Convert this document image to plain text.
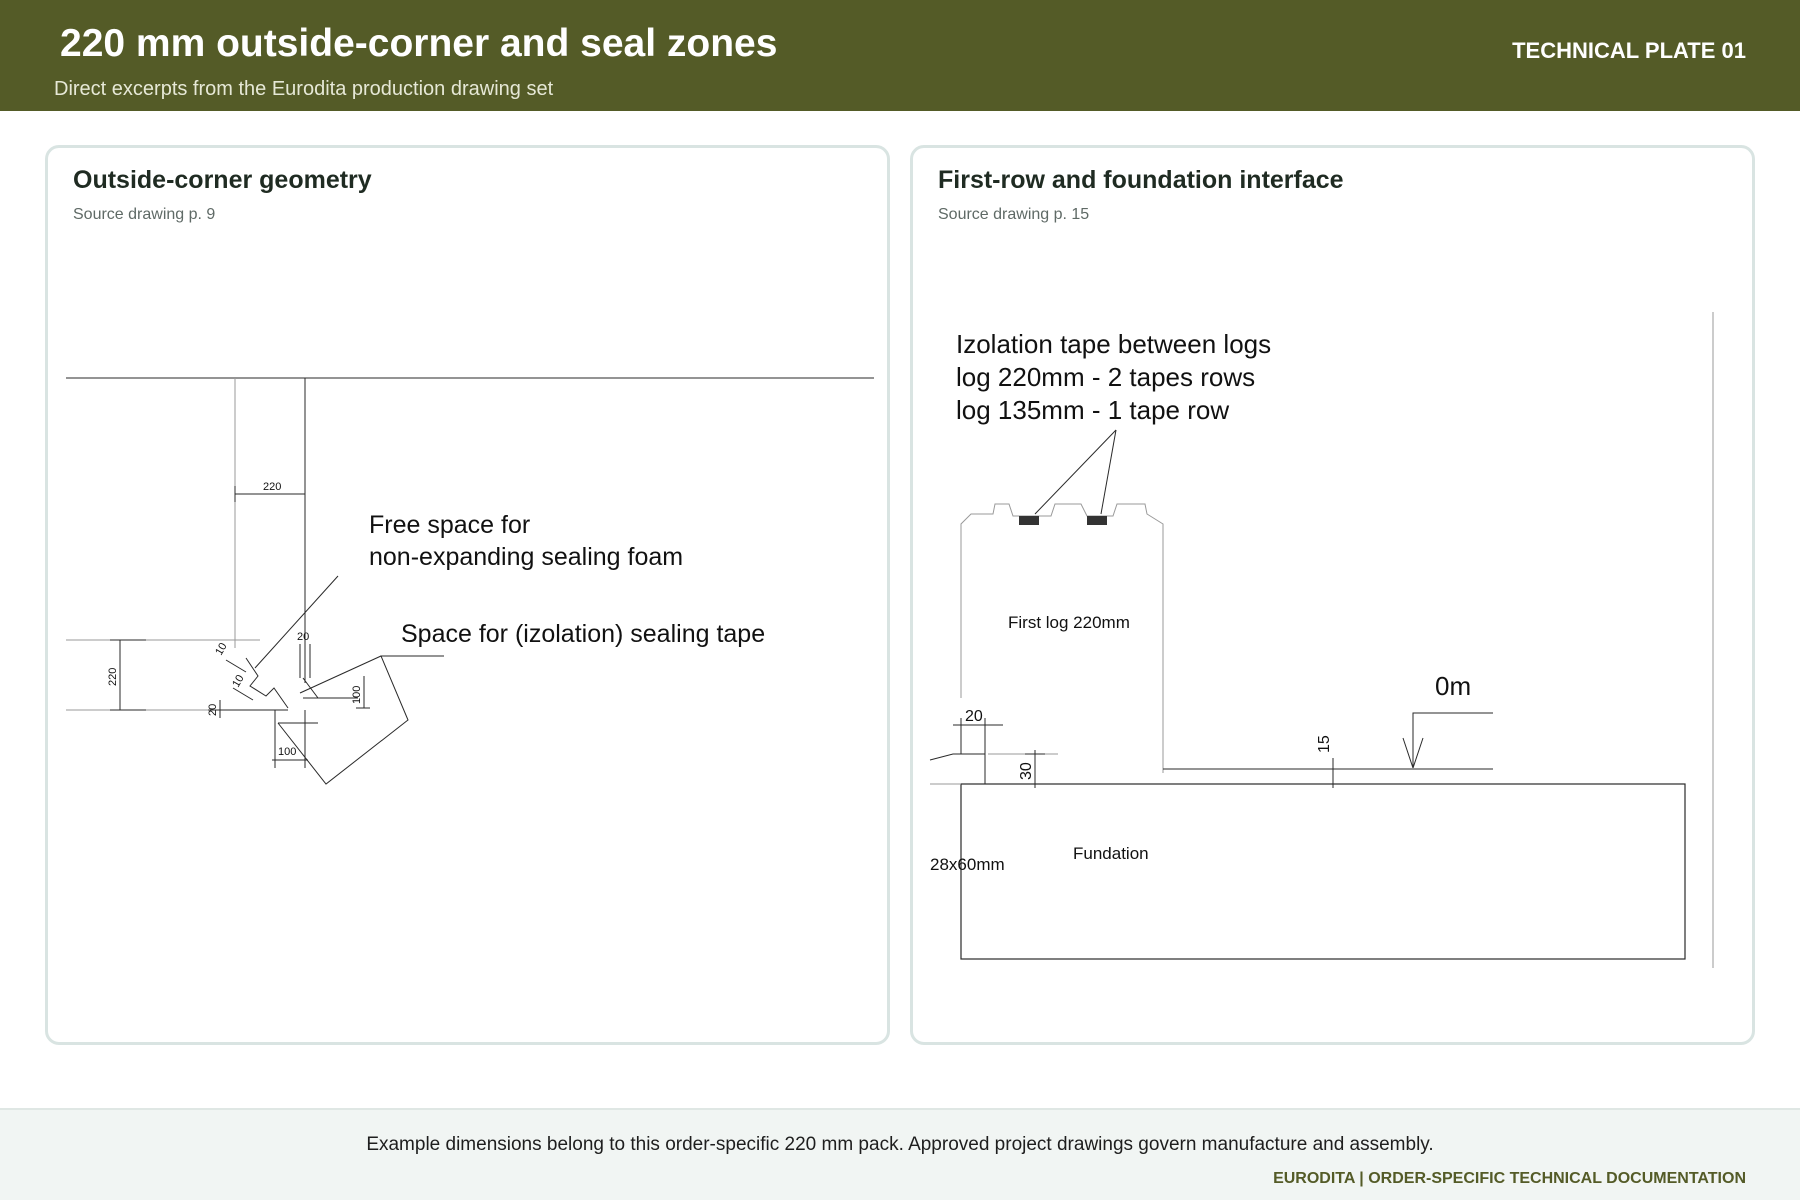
220 mm outside-corner and seal zones
Direct excerpts from the Eurodita production drawing set
TECHNICAL PLATE 01
Outside-corner geometry
Source drawing p. 9
220
220
10
10
20
20
100
100
Free space for
non-expanding sealing foam
Space for (izolation) sealing tape
First-row and foundation interface
Source drawing p. 15
Izolation tape between logs
log 220mm - 2 tapes rows
log 135mm - 1 tape row
First log 220mm
Fundation
28x60mm
20
30
15
0m
Example dimensions belong to this order-specific 220 mm pack. Approved project drawings govern manufacture and assembly.
EURODITA | ORDER-SPECIFIC TECHNICAL DOCUMENTATION
